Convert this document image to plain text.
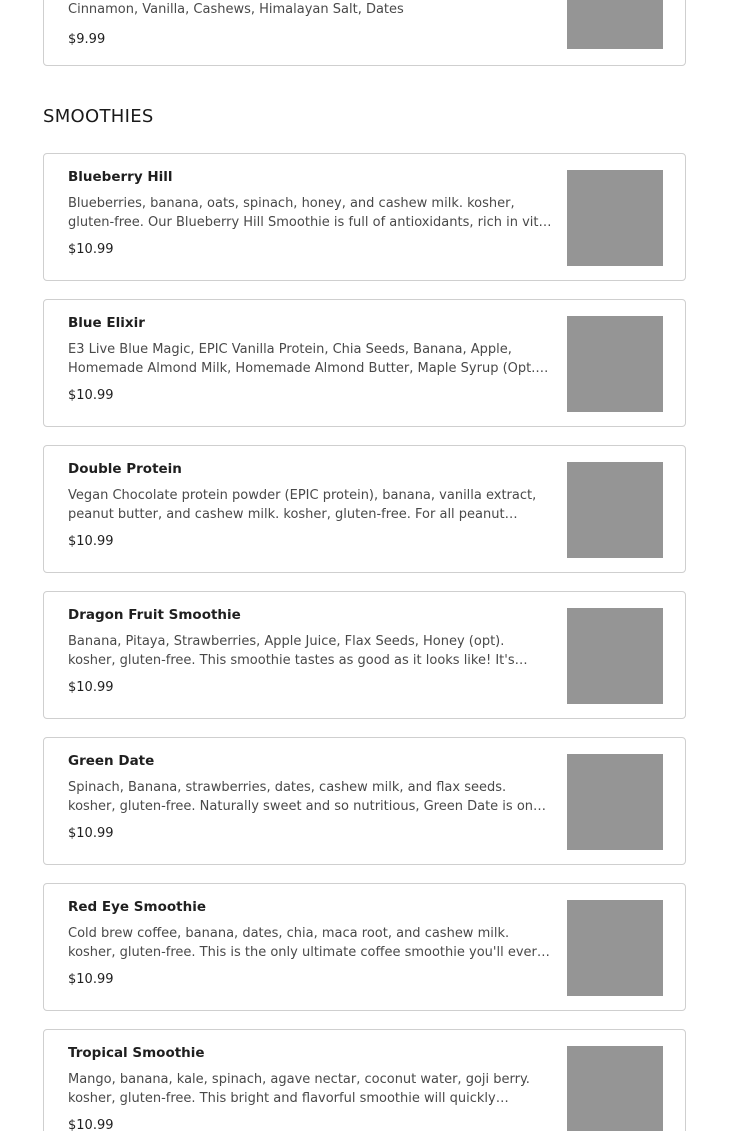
Cinnamon, Vanilla, Cashews, Himalayan Salt, Dates
$9.99
SMOOTHIES
Blueberry Hill
Blueberries, banana, oats, spinach, honey, and cashew milk. kosher, gluten-free. Our Blueberry Hill Smoothie is full of antioxidants, rich in vital
$10.99
Blue Elixir
E3 Live Blue Magic, EPIC Vanilla Protein, Chia Seeds, Banana, Apple, Homemade Almond Milk, Homemade Almond Butter, Maple Syrup (Opt.)
$10.99
Double Protein
Vegan Chocolate protein powder (EPIC protein), banana, vanilla extract, peanut butter, and cashew milk. kosher, gluten-free. For all peanut
$10.99
Dragon Fruit Smoothie
Banana, Pitaya, Strawberries, Apple Juice, Flax Seeds, Honey (opt). kosher, gluten-free. This smoothie tastes as good as it looks like! It's
$10.99
Green Date
Spinach, Banana, strawberries, dates, cashew milk, and flax seeds. kosher, gluten-free. Naturally sweet and so nutritious, Green Date is one
$10.99
Red Eye Smoothie
Cold brew coffee, banana, dates, chia, maca root, and cashew milk. kosher, gluten-free. This is the only ultimate coffee smoothie you'll ever
$10.99
Tropical Smoothie
Mango, banana, kale, spinach, agave nectar, coconut water, goji berry. kosher, gluten-free. This bright and flavorful smoothie will quickly
$10.99
